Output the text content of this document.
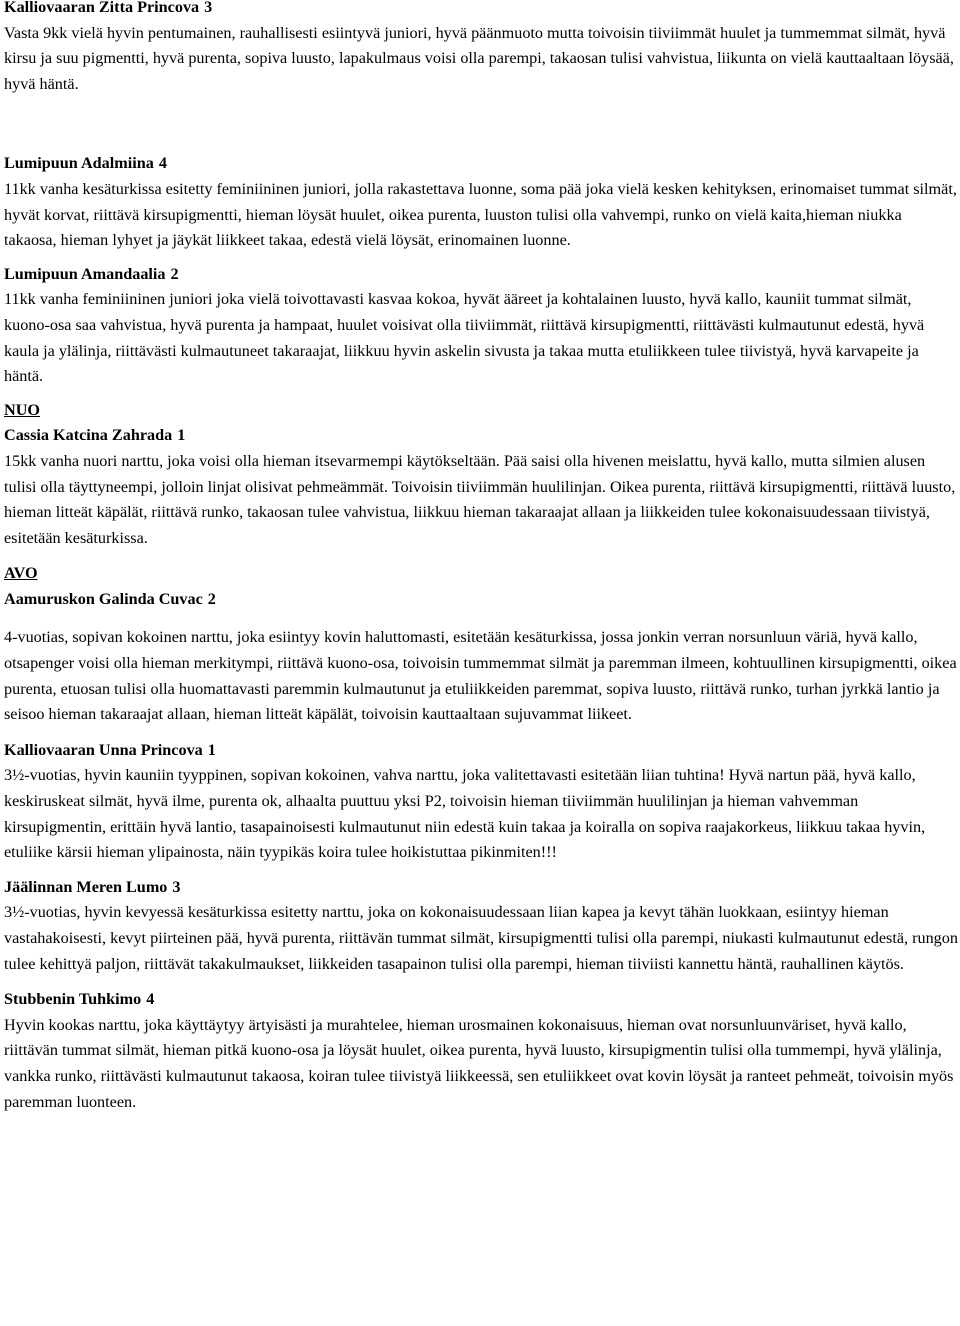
Kalliovaaran Zitta Princova 3

Vasta 9kk vielä hyvin pentumainen, rauhallisesti esiintyvä juniori, hyvä päänmuoto mutta toivoisin tiiviimmät huulet ja tummemmat silmät, hyvä kirsu ja suu pigmentti, hyvä purenta, sopiva luusto, lapakulmaus voisi olla parempi, takaosan tulisi vahvistua, liikunta on vielä kauttaaltaan löysää, hyvä häntä.

Lumipuun Adalmiina 4

11kk vanha kesäturkissa esitetty feminiininen juniori, jolla rakastettava luonne, soma pää joka vielä kesken kehityksen, erinomaiset tummat silmät, hyvät korvat, riittävä kirsupigmentti, hieman löysät huulet, oikea purenta, luuston tulisi olla vahvempi, runko on vielä kaita,hieman niukka takaosa, hieman lyhyet ja jäykät liikkeet takaa, edestä vielä löysät, erinomainen luonne.

Lumipuun Amandaalia 2

11kk vanha feminiininen juniori joka vielä toivottavasti kasvaa kokoa, hyvät ääreet ja kohtalainen luusto, hyvä kallo, kauniit tummat silmät, kuono-osa saa vahvistua, hyvä purenta ja hampaat, huulet voisivat olla tiiviimmät, riittävä kirsupigmentti, riittävästi kulmautunut edestä, hyvä kaula ja ylälinja, riittävästi kulmautuneet takaraajat, liikkuu hyvin askelin sivusta ja takaa mutta etuliikkeen tulee tiivistyä, hyvä karvapeite ja häntä.

NUO

Cassia Katcina Zahrada 1

15kk vanha nuori narttu, joka voisi olla hieman itsevarmempi käytökseltään. Pää saisi olla hivenen meislattu, hyvä kallo, mutta silmien alusen tulisi olla täyttyneempi, jolloin linjat olisivat pehmeämmät. Toivoisin tiiviimmän huulilinjan. Oikea purenta, riittävä kirsupigmentti, riittävä luusto, hieman litteät käpälät, riittävä runko, takaosan tulee vahvistua, liikkuu hieman takaraajat allaan ja liikkeiden tulee kokonaisuudessaan tiivistyä, esitetään kesäturkissa.

AVO

Aamuruskon Galinda Cuvac 2

4-vuotias, sopivan kokoinen narttu, joka esiintyy kovin haluttomasti, esitetään kesäturkissa, jossa jonkin verran norsunluun väriä, hyvä kallo, otsapenger voisi olla hieman merkitympi, riittävä kuono-osa, toivoisin tummemmat silmät ja paremman ilmeen, kohtuullinen kirsupigmentti, oikea purenta, etuosan tulisi olla huomattavasti paremmin kulmautunut ja etuliikkeiden paremmat, sopiva luusto, riittävä runko, turhan jyrkkä lantio ja seisoo hieman takaraajat allaan, hieman litteät käpälät, toivoisin kauttaaltaan sujuvammat liikeet.

Kalliovaaran Unna Princova 1

3½-vuotias, hyvin kauniin tyyppinen, sopivan kokoinen, vahva narttu, joka valitettavasti esitetään liian tuhtina! Hyvä nartun pää, hyvä kallo, keskiruskeat silmät, hyvä ilme, purenta ok, alhaalta puuttuu yksi P2, toivoisin hieman tiiviimmän huulilinjan ja hieman vahvemman kirsupigmentin, erittäin hyvä lantio, tasapainoisesti kulmautunut niin edestä kuin takaa ja koiralla on sopiva raajakorkeus, liikkuu takaa hyvin, etuliike kärsii hieman ylipainosta, näin tyypikäs koira tulee hoikistuttaa pikinmiten!!!

Jäälinnan Meren Lumo 3

3½-vuotias, hyvin kevyessä kesäturkissa esitetty narttu, joka on kokonaisuudessaan liian kapea ja kevyt tähän luokkaan, esiintyy hieman vastahakoisesti, kevyt piirteinen pää, hyvä purenta, riittävän tummat silmät, kirsupigmentti tulisi olla parempi, niukasti kulmautunut edestä, rungon tulee kehittyä paljon, riittävät takakulmaukset, liikkeiden tasapainon tulisi olla parempi, hieman tiiviisti kannettu häntä, rauhallinen käytös.

Stubbenin Tuhkimo 4

Hyvin kookas narttu, joka käyttäytyy ärtyisästi ja murahtelee, hieman urosmainen kokonaisuus, hieman ovat norsunluunväriset, hyvä kallo, riittävän tummat silmät, hieman pitkä kuono-osa ja löysät huulet, oikea purenta, hyvä luusto, kirsupigmentin tulisi olla tummempi, hyvä ylälinja, vankka runko, riittävästi kulmautunut takaosa, koiran tulee tiivistyä liikkeessä, sen etuliikkeet ovat kovin löysät ja ranteet pehmeät, toivoisin myös paremman luonteen.
